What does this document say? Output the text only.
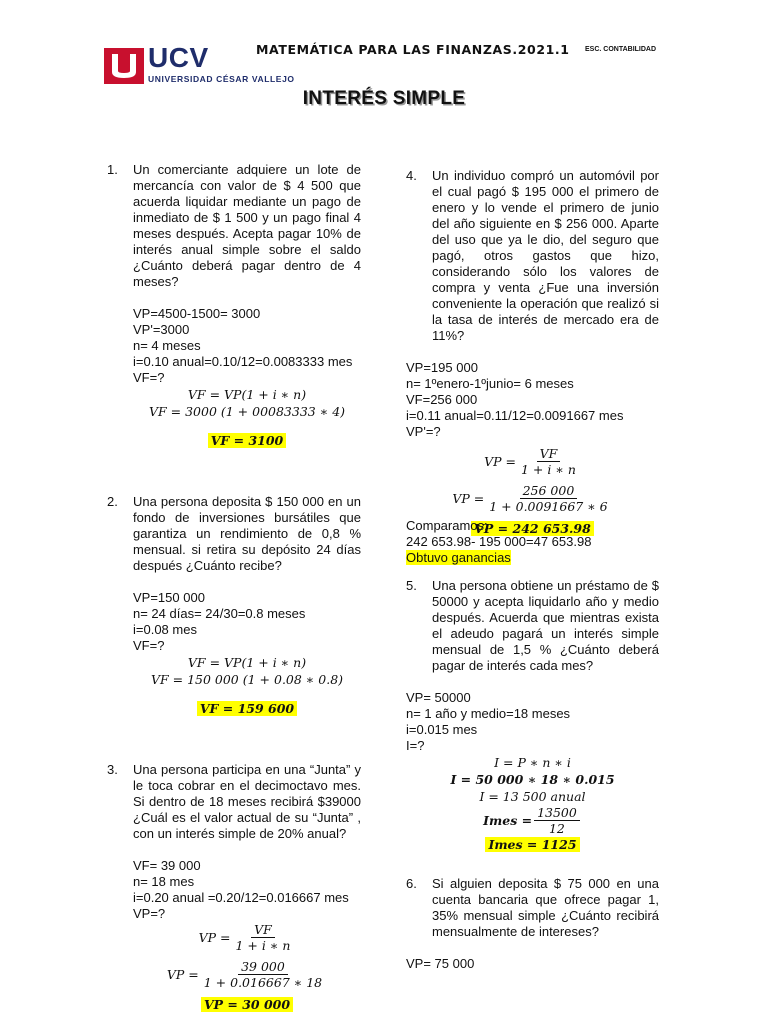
UCV
UNIVERSIDAD CÉSAR VALLEJO
MATEMÁTICA PARA LAS FINANZAS.2021.1 ESC. CONTABILIDAD
INTERÉS SIMPLE
1. Un comerciante adquiere un lote de mercancía con valor de $ 4 500 que acuerda liquidar mediante un pago de inmediato de $ 1 500 y un pago final 4 meses después. Acepta pagar 10% de interés anual simple sobre el saldo ¿Cuánto deberá pagar dentro de 4 meses?
VP=4500-1500= 3000
VP'=3000
n= 4 meses
i=0.10 anual=0.10/12=0.0083333 mes
VF=?
VF = VP(1 + i ∗ n)
VF = 3000 (1 + 00083333 ∗ 4)
VF = 3100
2. Una persona deposita $ 150 000 en un fondo de inversiones bursátiles que garantiza un rendimiento de 0,8 % mensual. si retira su depósito 24 días después ¿Cuánto recibe?
VP=150 000
n= 24 días= 24/30=0.8 meses
i=0.08 mes
VF=?
VF = VP(1 + i ∗ n)
VF = 150 000 (1 + 0.08 ∗ 0.8)
VF = 159 600
3. Una persona participa en una “Junta” y le toca cobrar en el decimoctavo mes. Si dentro de 18 meses recibirá $39000 ¿Cuál es el valor actual de su “Junta” , con un interés simple de 20% anual?
VF= 39 000
n= 18 mes
i=0.20 anual =0.20/12=0.016667 mes
VP=?
VP = $\frac{VF}{1 + i ∗ n}$
VP = $\frac{39 000}{1 + 0.016667 ∗ 18}$
VP = 30 000
4. Un individuo compró un automóvil por el cual pagó $ 195 000 el primero de enero y lo vende el primero de junio del año siguiente en $ 256 000. Aparte del uso que ya le dio, del seguro que pagó, otros gastos que hizo, considerando sólo los valores de compra y venta ¿Fue una inversión conveniente la operación que realizó si la tasa de interés de mercado era de 11%?
VP=195 000
n= 1ºenero-1ºjunio= 6 meses
VF=256 000
i=0.11 anual=0.11/12=0.0091667 mes
VP'=?
VP = $\frac{VF}{1 + i ∗ n}$
VP = $\frac{256 000}{1 + 0.0091667 ∗ 6}$
VP = 242 653.98
Comparamos:
242 653.98- 195 000=47 653.98
Obtuvo ganancias
5. Una persona obtiene un préstamo de $ 50000 y acepta liquidarlo año y medio después. Acuerda que mientras exista el adeudo pagará un interés simple mensual de 1,5 % ¿Cuánto deberá pagar de interés cada mes?
VP= 50000
n= 1 año y medio=18 meses
i=0.015 mes
I=?
I = P ∗ n ∗ i
I = 50 000 ∗ 18 ∗ 0.015
I = 13 500 anual
Imes = $\frac{13500}{12}$
Imes = 1125
6. Si alguien deposita $ 75 000 en una cuenta bancaria que ofrece pagar 1, 35% mensual simple ¿Cuánto recibirá mensualmente de intereses?
VP= 75 000
